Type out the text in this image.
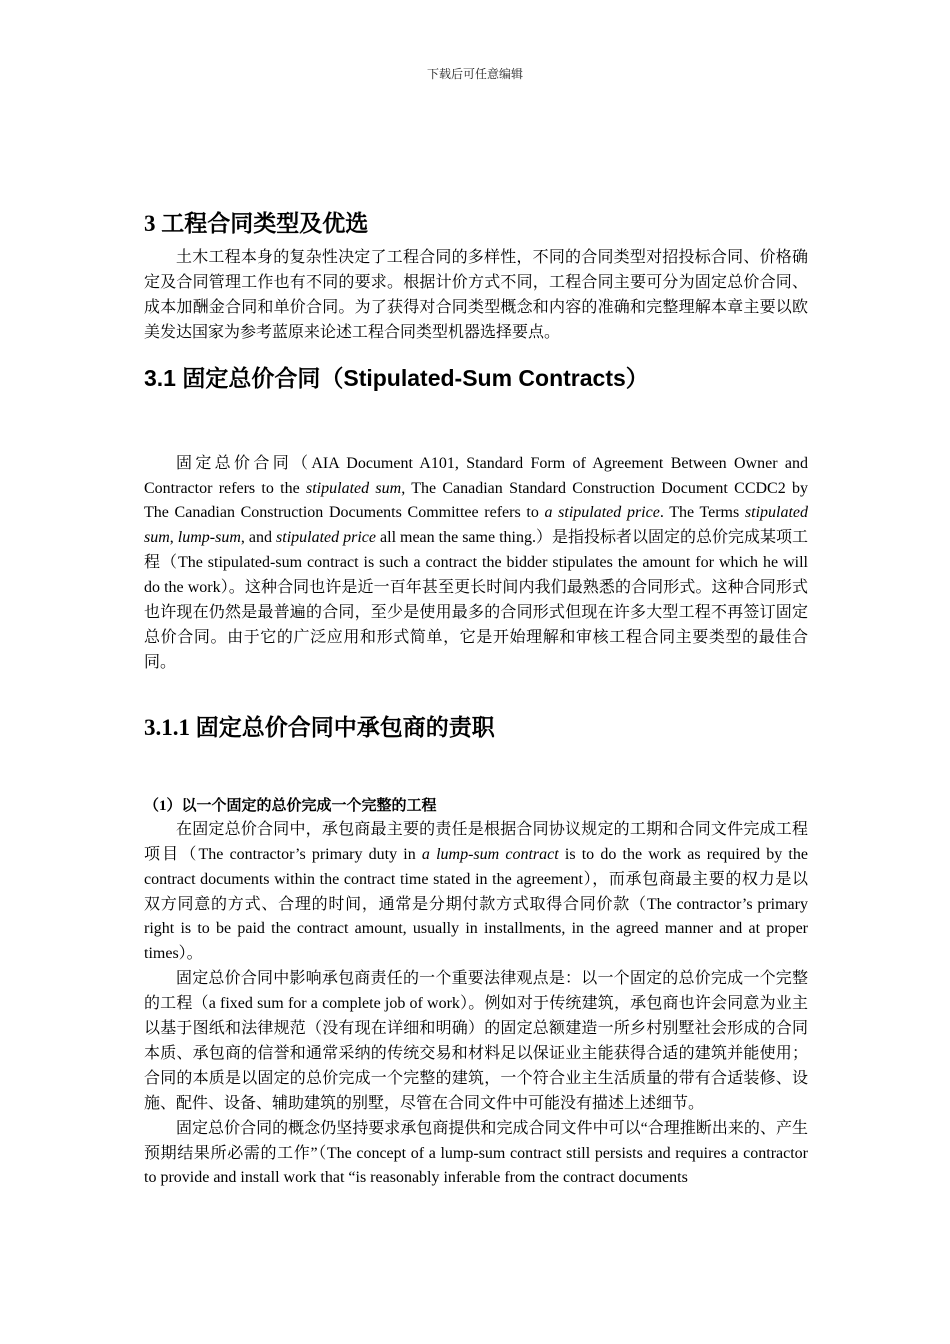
下载后可任意编辑
3 工程合同类型及优选

土木工程本身的复杂性决定了工程合同的多样性，不同的合同类型对招投标合同、价格确定及合同管理工作也有不同的要求。根据计价方式不同，工程合同主要可分为固定总价合同、成本加酬金合同和单价合同。为了获得对合同类型概念和内容的准确和完整理解本章主要以欧美发达国家为参考蓝原来论述工程合同类型机器选择要点。

3.1 固定总价合同（Stipulated-Sum Contracts）

固定总价合同（AIA Document A101, Standard Form of Agreement Between Owner and Contractor refers to the stipulated sum, The Canadian Standard Construction Document CCDC2 by The Canadian Construction Documents Committee refers to a stipulated price. The Terms stipulated sum, lump-sum, and stipulated price all mean the same thing.）是指投标者以固定的总价完成某项工程（The stipulated-sum contract is such a contract the bidder stipulates the amount for which he will do the work）。这种合同也许是近一百年甚至更长时间内我们最熟悉的合同形式。这种合同形式也许现在仍然是最普遍的合同，至少是使用最多的合同形式但现在许多大型工程不再签订固定总价合同。由于它的广泛应用和形式简单，它是开始理解和审核工程合同主要类型的最佳合同。

3.1.1 固定总价合同中承包商的责职

（1）以一个固定的总价完成一个完整的工程

在固定总价合同中，承包商最主要的责任是根据合同协议规定的工期和合同文件完成工程项目（The contractor’s primary duty in a lump-sum contract is to do the work as required by the contract documents within the contract time stated in the agreement），而承包商最主要的权力是以双方同意的方式、合理的时间，通常是分期付款方式取得合同价款（The contractor’s primary right is to be paid the contract amount, usually in installments, in the agreed manner and at proper times）。

固定总价合同中影响承包商责任的一个重要法律观点是：以一个固定的总价完成一个完整的工程（a fixed sum for a complete job of work）。例如对于传统建筑，承包商也许会同意为业主以基于图纸和法律规范（没有现在详细和明确）的固定总额建造一所乡村别墅社会形成的合同本质、承包商的信誉和通常采纳的传统交易和材料足以保证业主能获得合适的建筑并能使用；合同的本质是以固定的总价完成一个完整的建筑，一个符合业主生活质量的带有合适装修、设施、配件、设备、辅助建筑的别墅，尽管在合同文件中可能没有描述上述细节。

固定总价合同的概念仍坚持要求承包商提供和完成合同文件中可以“合理推断出来的、产生预期结果所必需的工作”（The concept of a lump-sum contract still persists and requires a contractor to provide and install work that “is reasonably inferable from the contract documents
